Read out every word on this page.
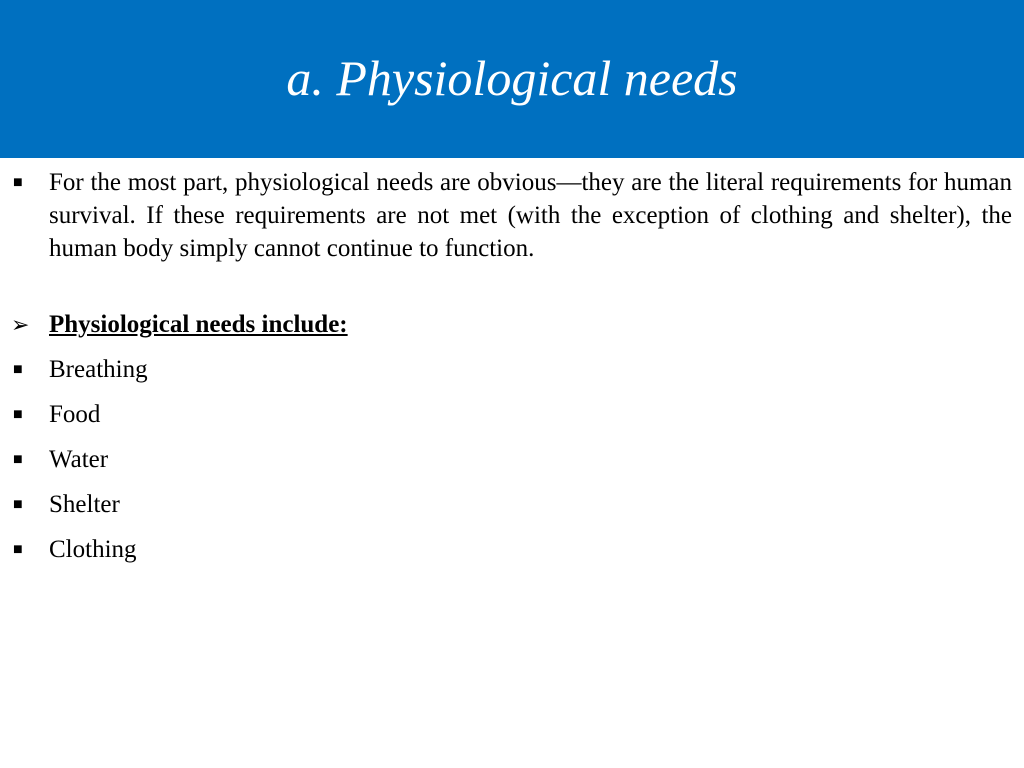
a. Physiological needs
■ For the most part, physiological needs are obvious—they are the literal requirements for human survival. If these requirements are not met (with the exception of clothing and shelter), the human body simply cannot continue to function.
➢ Physiological needs include:
■ Breathing
■ Food
■ Water
■ Shelter
■ Clothing
